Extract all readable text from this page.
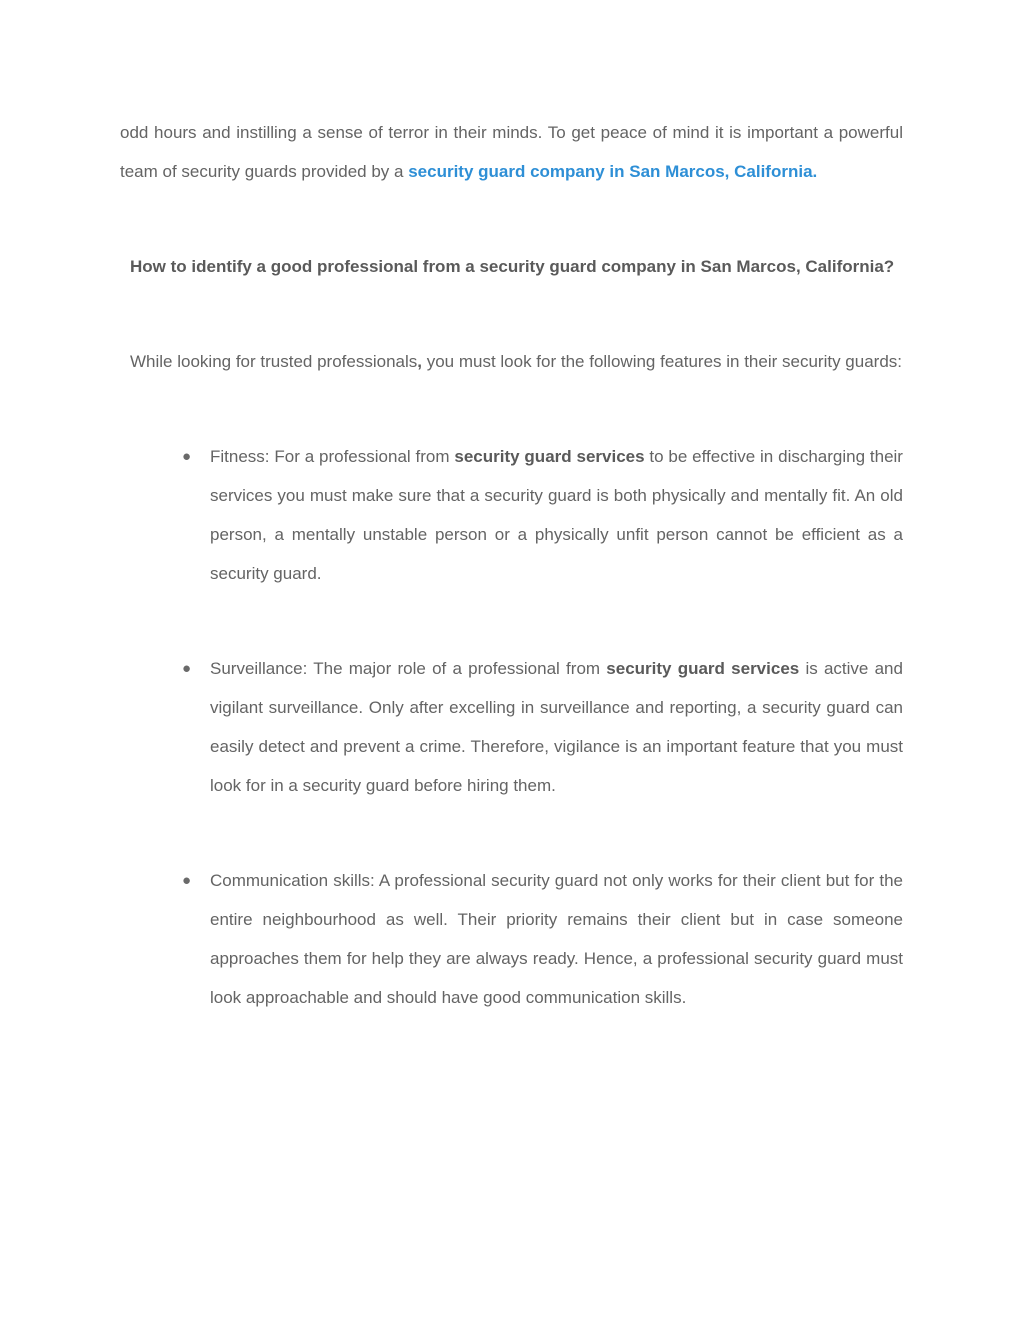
odd hours and instilling a sense of terror in their minds. To get peace of mind it is important a powerful team of security guards provided by a security guard company in San Marcos, California.

How to identify a good professional from a security guard company in San Marcos, California?

While looking for trusted professionals, you must look for the following features in their security guards:

● Fitness: For a professional from security guard services to be effective in discharging their services you must make sure that a security guard is both physically and mentally fit. An old person, a mentally unstable person or a physically unfit person cannot be efficient as a security guard.

● Surveillance: The major role of a professional from security guard services is active and vigilant surveillance. Only after excelling in surveillance and reporting, a security guard can easily detect and prevent a crime. Therefore, vigilance is an important feature that you must look for in a security guard before hiring them.

● Communication skills: A professional security guard not only works for their client but for the entire neighbourhood as well. Their priority remains their client but in case someone approaches them for help they are always ready. Hence, a professional security guard must look approachable and should have good communication skills.
